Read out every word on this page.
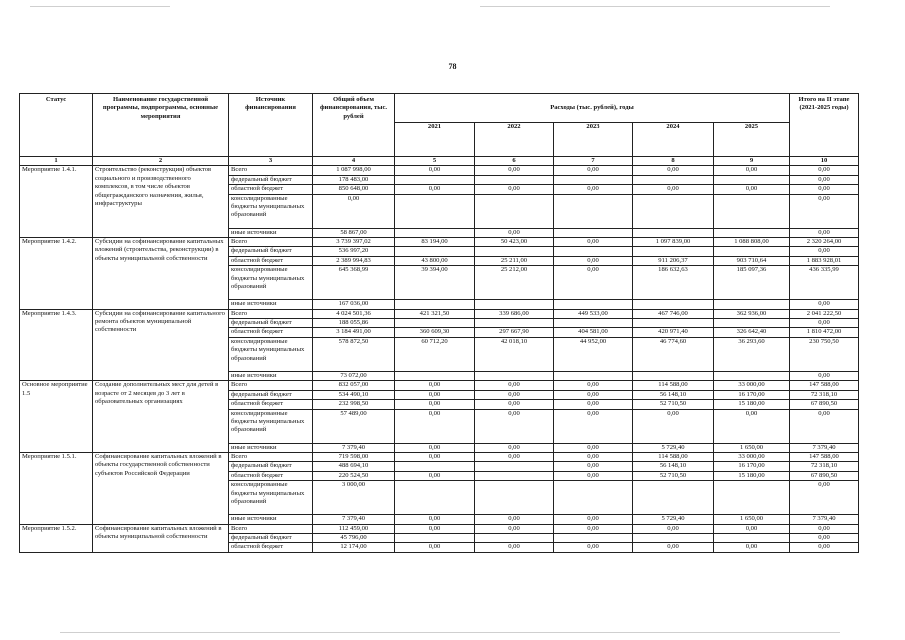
78
Статус	Наименование государственной программы, подпрограммы, основные мероприятия	Источник финансирования	Общий объем финансирования, тыс. рублей	Расходы (тыс. рублей), годы					Итого на II этапе (2021-2025 годы)
				2021	2022	2023	2024	2025	
1	2	3	4	5	6	7	8	9	10
Мероприятие 1.4.1.	Строительство (реконструкция) объектов социального и производственного комплексов, в том числе объектов общегражданского назначения, жилья, инфраструктуры	Всего	1 087 998,00	0,00	0,00	0,00	0,00	0,00	0,00
		федеральный бюджет	178 483,00						0,00
		областной бюджет	850 648,00	0,00	0,00	0,00	0,00	0,00	0,00
		консолидированные бюджеты муниципальных образований	0,00						0,00
		иные источники	58 867,00		0,00				0,00
Мероприятие 1.4.2.	Субсидии на софинансирование капитальных вложений (строительства, реконструкции) в объекты муниципальной собственности	Всего	3 739 397,02	83 194,00	50 423,00	0,00	1 097 839,00	1 088 808,00	2 320 264,00
		федеральный бюджет	536 997,20						0,00
		областной бюджет	2 389 994,83	43 800,00	25 211,00	0,00	911 206,37	903 710,64	1 883 928,01
		консолидированные бюджеты муниципальных образований	645 368,99	39 394,00	25 212,00	0,00	186 632,63	185 097,36	436 335,99
		иные источники	167 036,00						0,00
Мероприятие 1.4.3.	Субсидии на софинансирование капитального ремонта объектов муниципальной собственности	Всего	4 024 501,36	421 321,50	339 686,00	449 533,00	467 746,00	362 936,00	2 041 222,50
		федеральный бюджет	188 055,86						0,00
		областной бюджет	3 184 491,00	360 609,30	297 667,90	404 581,00	420 971,40	326 642,40	1 810 472,00
		консолидированные бюджеты муниципальных образований	578 872,50	60 712,20	42 018,10	44 952,00	46 774,60	36 293,60	230 750,50
		иные источники	73 072,00						0,00
Основное мероприятие 1.5	Создание дополнительных мест для детей в возрасте от 2 месяцев до 3 лет в образовательных организациях	Всего	832 057,00	0,00	0,00	0,00	114 588,00	33 000,00	147 588,00
		федеральный бюджет	534 490,10	0,00	0,00	0,00	56 148,10	16 170,00	72 318,10
		областной бюджет	232 998,50	0,00	0,00	0,00	52 710,50	15 180,00	67 890,50
		консолидированные бюджеты муниципальных образований	57 489,00	0,00	0,00	0,00	0,00	0,00	0,00
		иные источники	7 379,40	0,00	0,00	0,00	5 729,40	1 650,00	7 379,40
Мероприятие 1.5.1.	Софинансирование капитальных вложений в объекты государственной собственности субъектов Российской Федерации	Всего	719 598,00	0,00	0,00	0,00	114 588,00	33 000,00	147 588,00
		федеральный бюджет	488 694,10			0,00	56 148,10	16 170,00	72 318,10
		областной бюджет	220 524,50	0,00		0,00	52 710,50	15 180,00	67 890,50
		консолидированные бюджеты муниципальных образований	3 000,00						0,00
		иные источники	7 379,40	0,00	0,00	0,00	5 729,40	1 650,00	7 379,40
Мероприятие 1.5.2.	Софинансирование капитальных вложений в объекты муниципальной собственности	Всего	112 459,00	0,00	0,00	0,00	0,00	0,00	0,00
		федеральный бюджет	45 796,00						0,00
		областной бюджет	12 174,00	0,00	0,00	0,00	0,00	0,00	0,00
